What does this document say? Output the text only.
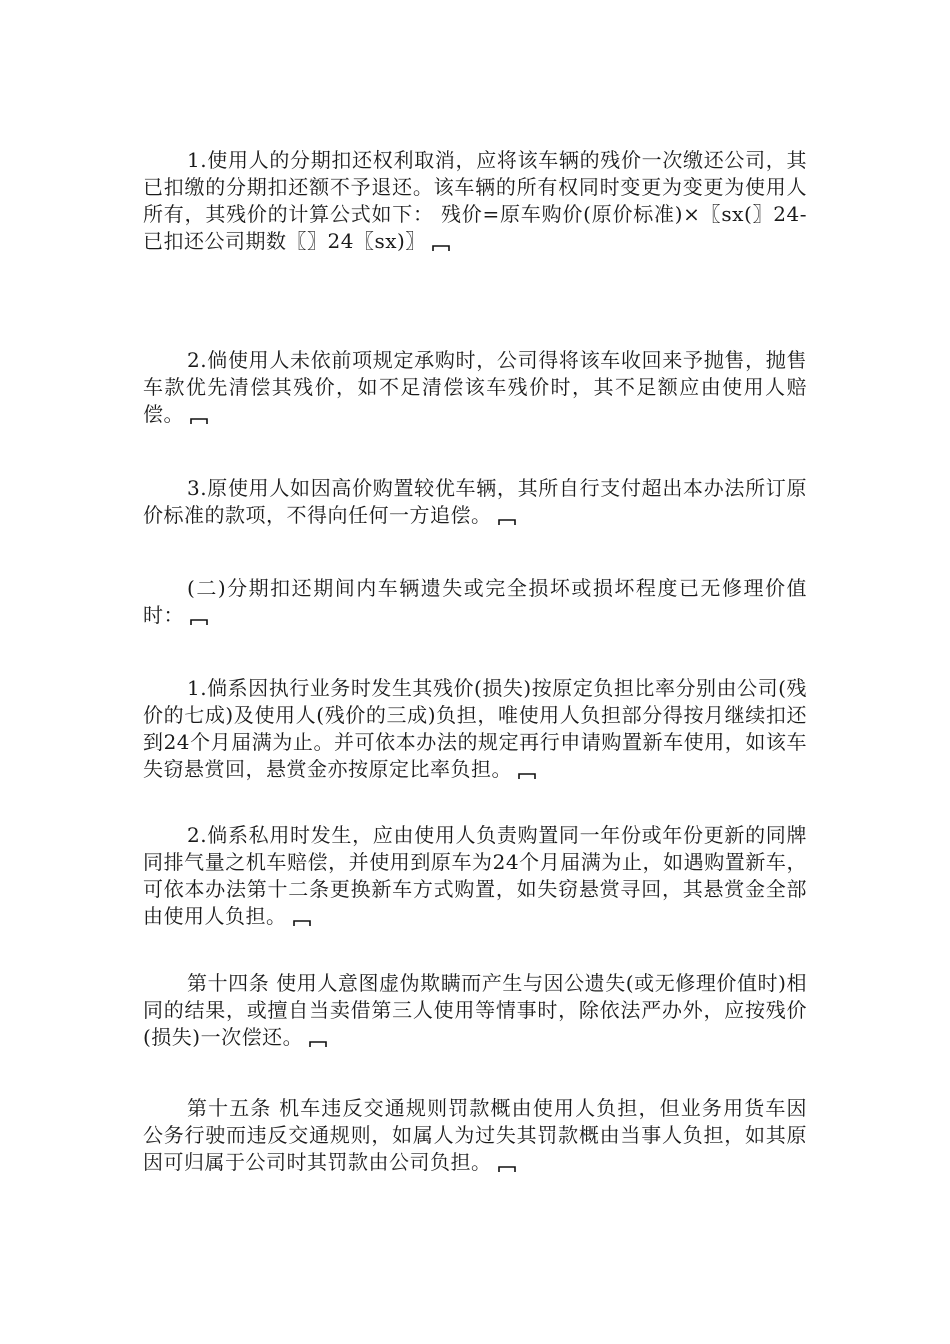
1.使用人的分期扣还权利取消，应将该车辆的残价一次缴还公司，其已扣缴的分期扣还额不予退还。该车辆的所有权同时变更为变更为使用人所有，其残价的计算公式如下： 残价=原车购价(原价标准)×〖sx(〗24-已扣还公司期数〖〗24〖sx)〗

2.倘使用人未依前项规定承购时，公司得将该车收回来予抛售，抛售车款优先清偿其残价，如不足清偿该车残价时，其不足额应由使用人赔偿。

3.原使用人如因高价购置较优车辆，其所自行支付超出本办法所订原价标准的款项，不得向任何一方追偿。

(二)分期扣还期间内车辆遗失或完全损坏或损坏程度已无修理价值时：

1.倘系因执行业务时发生其残价(损失)按原定负担比率分别由公司(残价的七成)及使用人(残价的三成)负担，唯使用人负担部分得按月继续扣还到24个月届满为止。并可依本办法的规定再行申请购置新车使用，如该车失窃悬赏回，悬赏金亦按原定比率负担。

2.倘系私用时发生，应由使用人负责购置同一年份或年份更新的同牌同排气量之机车赔偿，并使用到原车为24个月届满为止，如遇购置新车，可依本办法第十二条更换新车方式购置，如失窃悬赏寻回，其悬赏金全部由使用人负担。

第十四条 使用人意图虚伪欺瞒而产生与因公遗失(或无修理价值时)相同的结果，或擅自当卖借第三人使用等情事时，除依法严办外，应按残价(损失)一次偿还。

第十五条 机车违反交通规则罚款概由使用人负担，但业务用货车因公务行驶而违反交通规则，如属人为过失其罚款概由当事人负担，如其原因可归属于公司时其罚款由公司负担。
